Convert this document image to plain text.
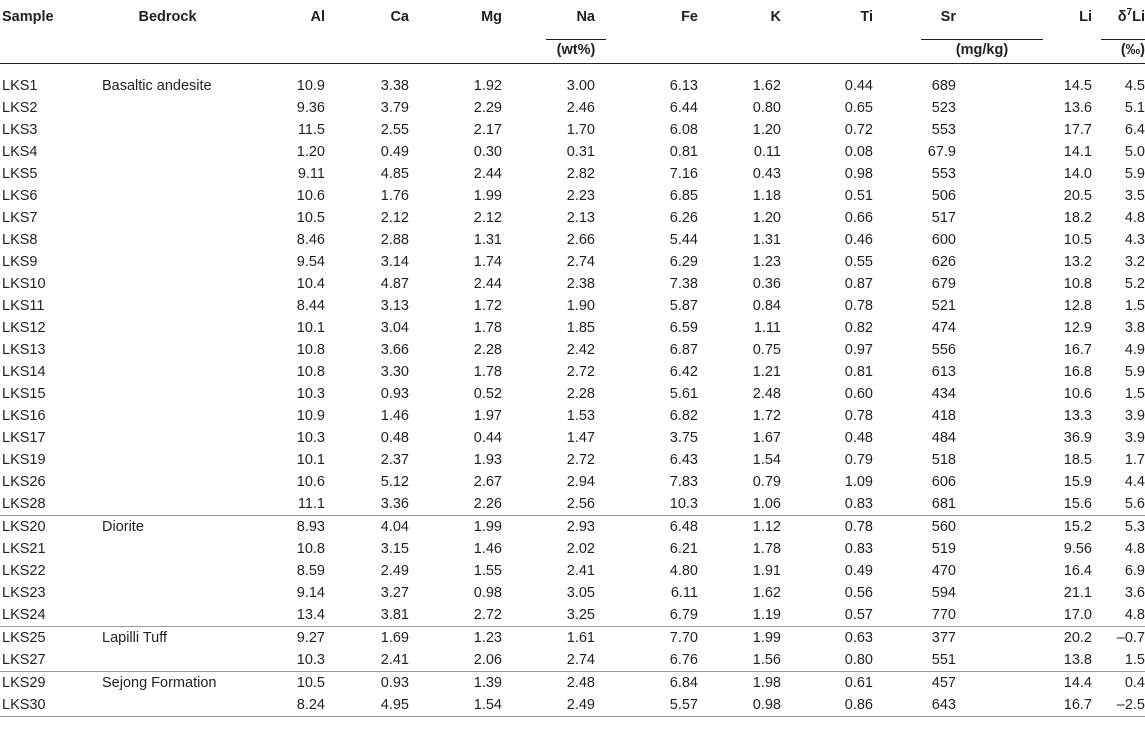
Sample	Bedrock	Al	Ca	Mg	Na	Fe	K	Ti	Sr	Li	$\delta^7Li$
					(wt%)				(mg/kg)		(‰)
LKS1	Basaltic andesite	10.9	3.38	1.92	3.00	6.13	1.62	0.44	689	14.5	4.5
LKS2		9.36	3.79	2.29	2.46	6.44	0.80	0.65	523	13.6	5.1
LKS3		11.5	2.55	2.17	1.70	6.08	1.20	0.72	553	17.7	6.4
LKS4		1.20	0.49	0.30	0.31	0.81	0.11	0.08	67.9	14.1	5.0
LKS5		9.11	4.85	2.44	2.82	7.16	0.43	0.98	553	14.0	5.9
LKS6		10.6	1.76	1.99	2.23	6.85	1.18	0.51	506	20.5	3.5
LKS7		10.5	2.12	2.12	2.13	6.26	1.20	0.66	517	18.2	4.8
LKS8		8.46	2.88	1.31	2.66	5.44	1.31	0.46	600	10.5	4.3
LKS9		9.54	3.14	1.74	2.74	6.29	1.23	0.55	626	13.2	3.2
LKS10		10.4	4.87	2.44	2.38	7.38	0.36	0.87	679	10.8	5.2
LKS11		8.44	3.13	1.72	1.90	5.87	0.84	0.78	521	12.8	1.5
LKS12		10.1	3.04	1.78	1.85	6.59	1.11	0.82	474	12.9	3.8
LKS13		10.8	3.66	2.28	2.42	6.87	0.75	0.97	556	16.7	4.9
LKS14		10.8	3.30	1.78	2.72	6.42	1.21	0.81	613	16.8	5.9
LKS15		10.3	0.93	0.52	2.28	5.61	2.48	0.60	434	10.6	1.5
LKS16		10.9	1.46	1.97	1.53	6.82	1.72	0.78	418	13.3	3.9
LKS17		10.3	0.48	0.44	1.47	3.75	1.67	0.48	484	36.9	3.9
LKS19		10.1	2.37	1.93	2.72	6.43	1.54	0.79	518	18.5	1.7
LKS26		10.6	5.12	2.67	2.94	7.83	0.79	1.09	606	15.9	4.4
LKS28		11.1	3.36	2.26	2.56	10.3	1.06	0.83	681	15.6	5.6
LKS20	Diorite	8.93	4.04	1.99	2.93	6.48	1.12	0.78	560	15.2	5.3
LKS21		10.8	3.15	1.46	2.02	6.21	1.78	0.83	519	9.56	4.8
LKS22		8.59	2.49	1.55	2.41	4.80	1.91	0.49	470	16.4	6.9
LKS23		9.14	3.27	0.98	3.05	6.11	1.62	0.56	594	21.1	3.6
LKS24		13.4	3.81	2.72	3.25	6.79	1.19	0.57	770	17.0	4.8
LKS25	Lapilli Tuff	9.27	1.69	1.23	1.61	7.70	1.99	0.63	377	20.2	–0.7
LKS27		10.3	2.41	2.06	2.74	6.76	1.56	0.80	551	13.8	1.5
LKS29	Sejong Formation	10.5	0.93	1.39	2.48	6.84	1.98	0.61	457	14.4	0.4
LKS30		8.24	4.95	1.54	2.49	5.57	0.98	0.86	643	16.7	–2.5
